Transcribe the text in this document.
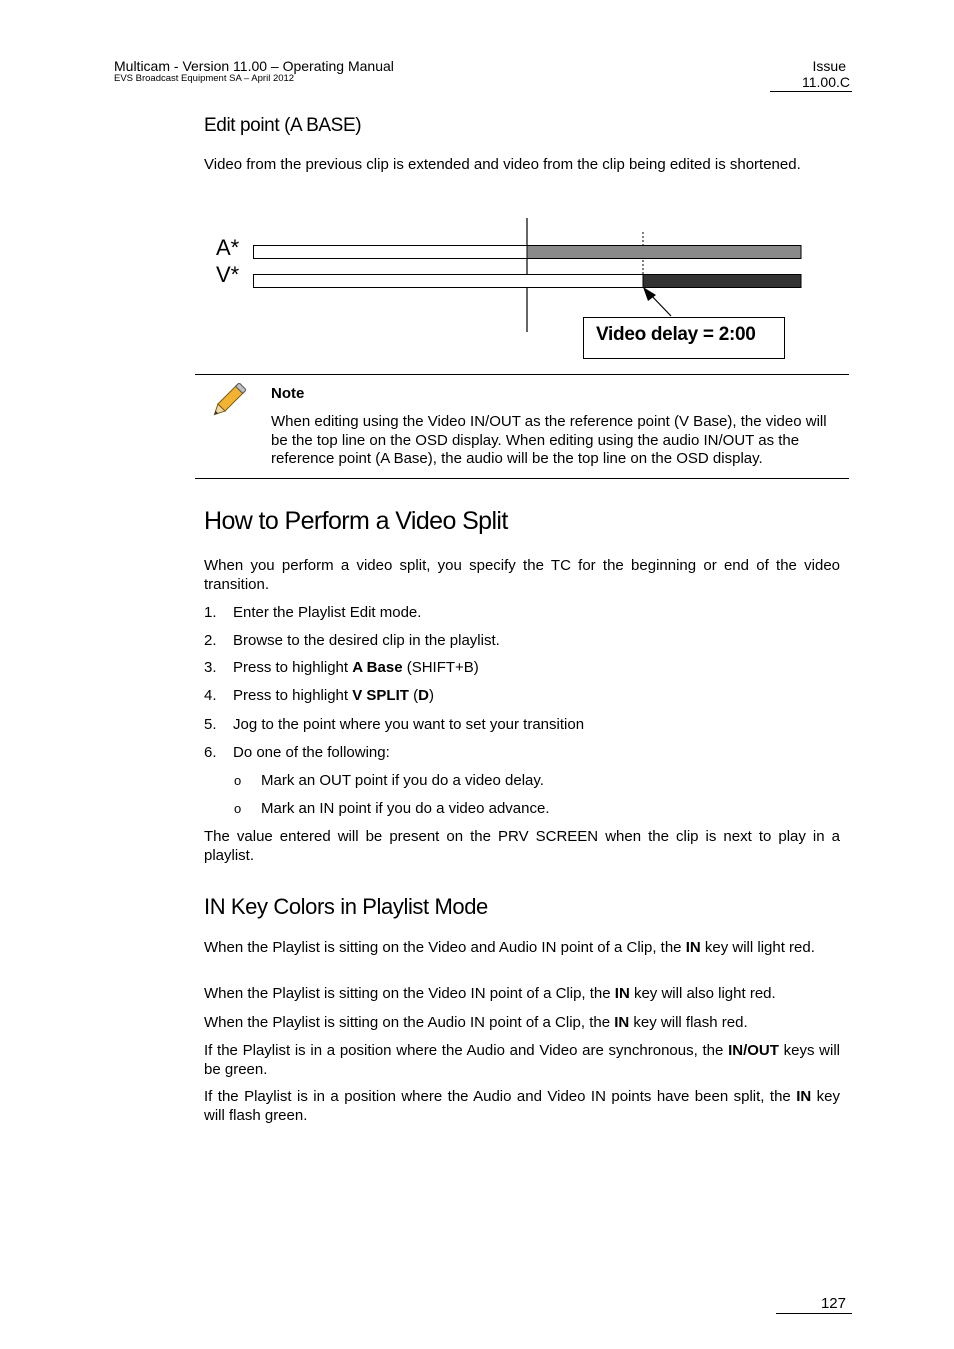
Multicam - Version 11.00 – Operating Manual
EVS Broadcast Equipment SA – April 2012
Issue
11.00.C
Edit point (A BASE)
Video from the previous clip is extended and video from the clip being edited is shortened.
A*
V*
Video delay = 2:00
Note
When editing using the Video IN/OUT as the reference point (V Base), the video will be the top line on the OSD display. When editing using the audio IN/OUT as the reference point (A Base), the audio will be the top line on the OSD display.
How to Perform a Video Split
When you perform a video split, you specify the TC for the beginning or end of the video transition.
1. Enter the Playlist Edit mode.
2. Browse to the desired clip in the playlist.
3. Press to highlight A Base (SHIFT+B)
4. Press to highlight V SPLIT (D)
5. Jog to the point where you want to set your transition
6. Do one of the following:
o Mark an OUT point if you do a video delay.
o Mark an IN point if you do a video advance.
The value entered will be present on the PRV SCREEN when the clip is next to play in a playlist.
IN Key Colors in Playlist Mode
When the Playlist is sitting on the Video and Audio IN point of a Clip, the IN key will light red.
When the Playlist is sitting on the Video IN point of a Clip, the IN key will also light red.
When the Playlist is sitting on the Audio IN point of a Clip, the IN key will flash red.
If the Playlist is in a position where the Audio and Video are synchronous, the IN/OUT keys will be green.
If the Playlist is in a position where the Audio and Video IN points have been split, the IN key will flash green.
127
